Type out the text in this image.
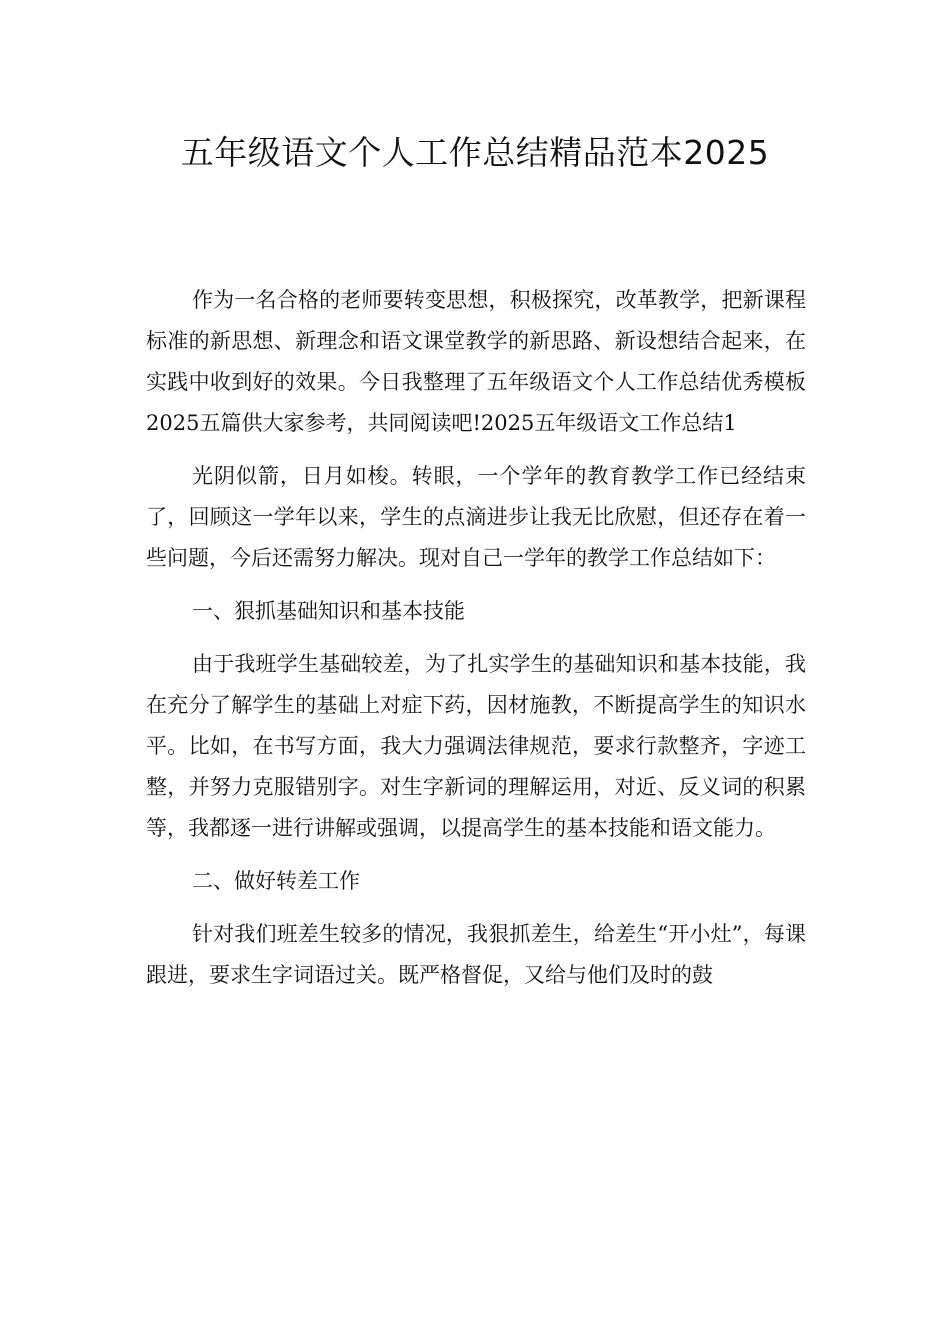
五年级语文个人工作总结精品范本2025

作为一名合格的老师要转变思想，积极探究，改革教学，把新课程标准的新思想、新理念和语文课堂教学的新思路、新设想结合起来，在实践中收到好的效果。今日我整理了五年级语文个人工作总结优秀模板2025五篇供大家参考，共同阅读吧!2025五年级语文工作总结1

光阴似箭，日月如梭。转眼，一个学年的教育教学工作已经结束了，回顾这一学年以来，学生的点滴进步让我无比欣慰，但还存在着一些问题，今后还需努力解决。现对自己一学年的教学工作总结如下：

一、狠抓基础知识和基本技能

由于我班学生基础较差，为了扎实学生的基础知识和基本技能，我在充分了解学生的基础上对症下药，因材施教，不断提高学生的知识水平。比如，在书写方面，我大力强调法律规范，要求行款整齐，字迹工整，并努力克服错别字。对生字新词的理解运用，对近、反义词的积累等，我都逐一进行讲解或强调，以提高学生的基本技能和语文能力。

二、做好转差工作

针对我们班差生较多的情况，我狠抓差生，给差生“开小灶”，每课跟进，要求生字词语过关。既严格督促，又给与他们及时的鼓
